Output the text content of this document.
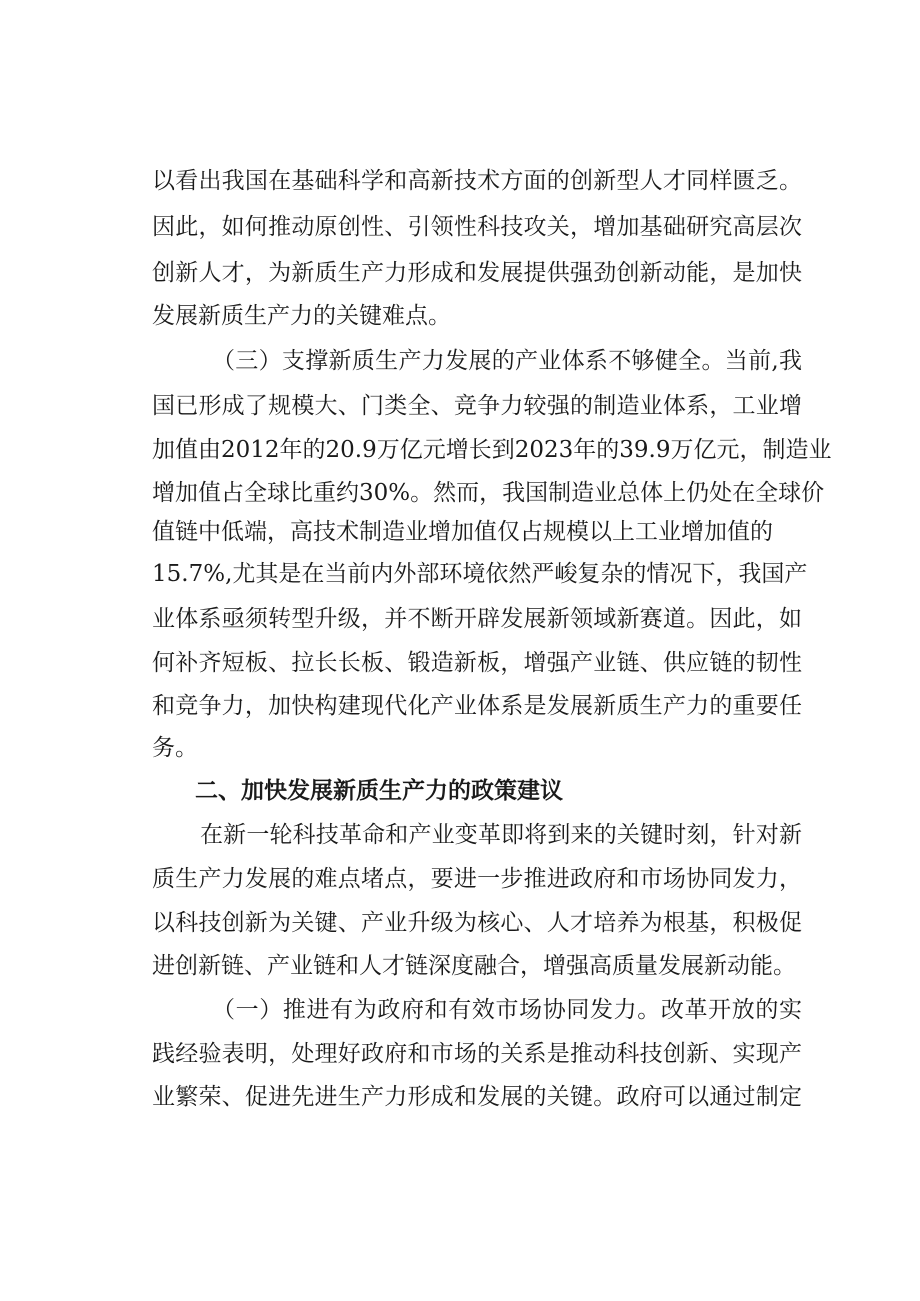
以看出我国在基础科学和高新技术方面的创新型人才同样匮乏。

因此，如何推动原创性、引领性科技攻关，增加基础研究高层次

创新人才，为新质生产力形成和发展提供强劲创新动能，是加快

发展新质生产力的关键难点。

（三）支撑新质生产力发展的产业体系不够健全。当前,我

国已形成了规模大、门类全、竞争力较强的制造业体系，工业增

加值由2012年的20.9万亿元增长到2023年的39.9万亿元，制造业

增加值占全球比重约30%。然而，我国制造业总体上仍处在全球价

值链中低端，高技术制造业增加值仅占规模以上工业增加值的

15.7%,尤其是在当前内外部环境依然严峻复杂的情况下，我国产

业体系亟须转型升级，并不断开辟发展新领域新赛道。因此，如

何补齐短板、拉长长板、锻造新板，增强产业链、供应链的韧性

和竞争力，加快构建现代化产业体系是发展新质生产力的重要任

务。

二、加快发展新质生产力的政策建议

在新一轮科技革命和产业变革即将到来的关键时刻，针对新

质生产力发展的难点堵点，要进一步推进政府和市场协同发力，

以科技创新为关键、产业升级为核心、人才培养为根基，积极促

进创新链、产业链和人才链深度融合，增强高质量发展新动能。

（一）推进有为政府和有效市场协同发力。改革开放的实

践经验表明，处理好政府和市场的关系是推动科技创新、实现产

业繁荣、促进先进生产力形成和发展的关键。政府可以通过制定
